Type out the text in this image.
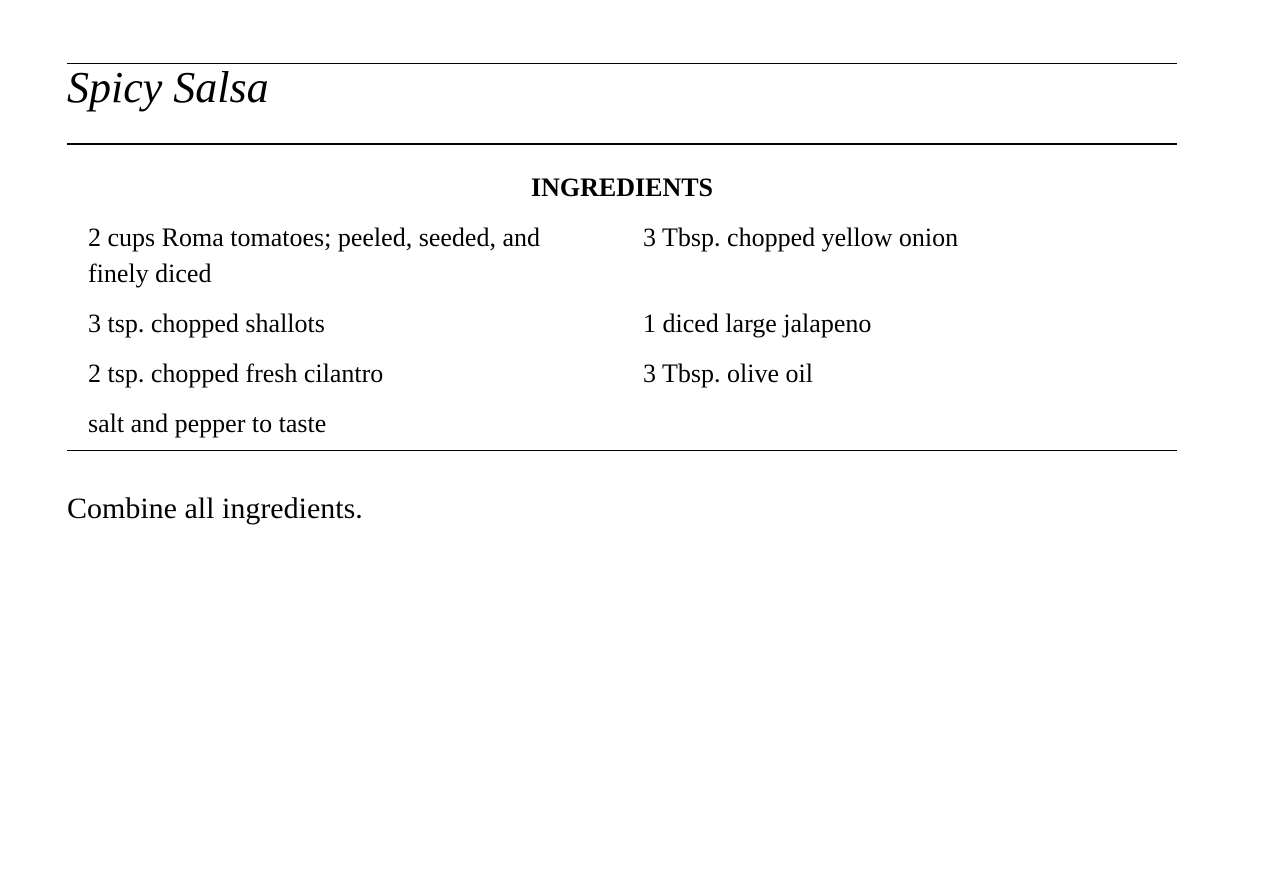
Spicy Salsa
INGREDIENTS
2 cups Roma tomatoes; peeled, seeded, and finely diced
3 Tbsp. chopped yellow onion
3 tsp. chopped shallots	1 diced large jalapeno
2 tsp. chopped fresh cilantro	3 Tbsp. olive oil
salt and pepper to taste

Combine all ingredients.
